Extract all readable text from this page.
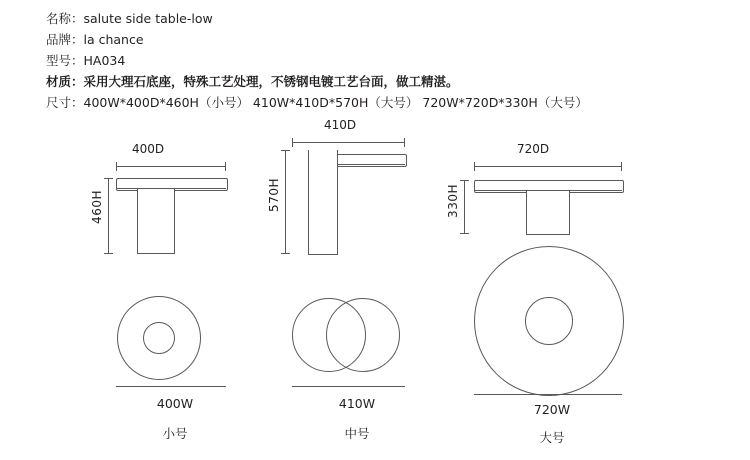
名称：salute side table-low
品牌：la chance
型号：HA034
材质：采用大理石底座，特殊工艺处理，不锈钢电镀工艺台面，做工精湛。
尺寸：400W*400D*460H（小号） 410W*410D*570H（大号） 720W*720D*330H（大号）
400D
460H
400W
小号
410D
570H
410W
中号
720D
330H
720W
大号
